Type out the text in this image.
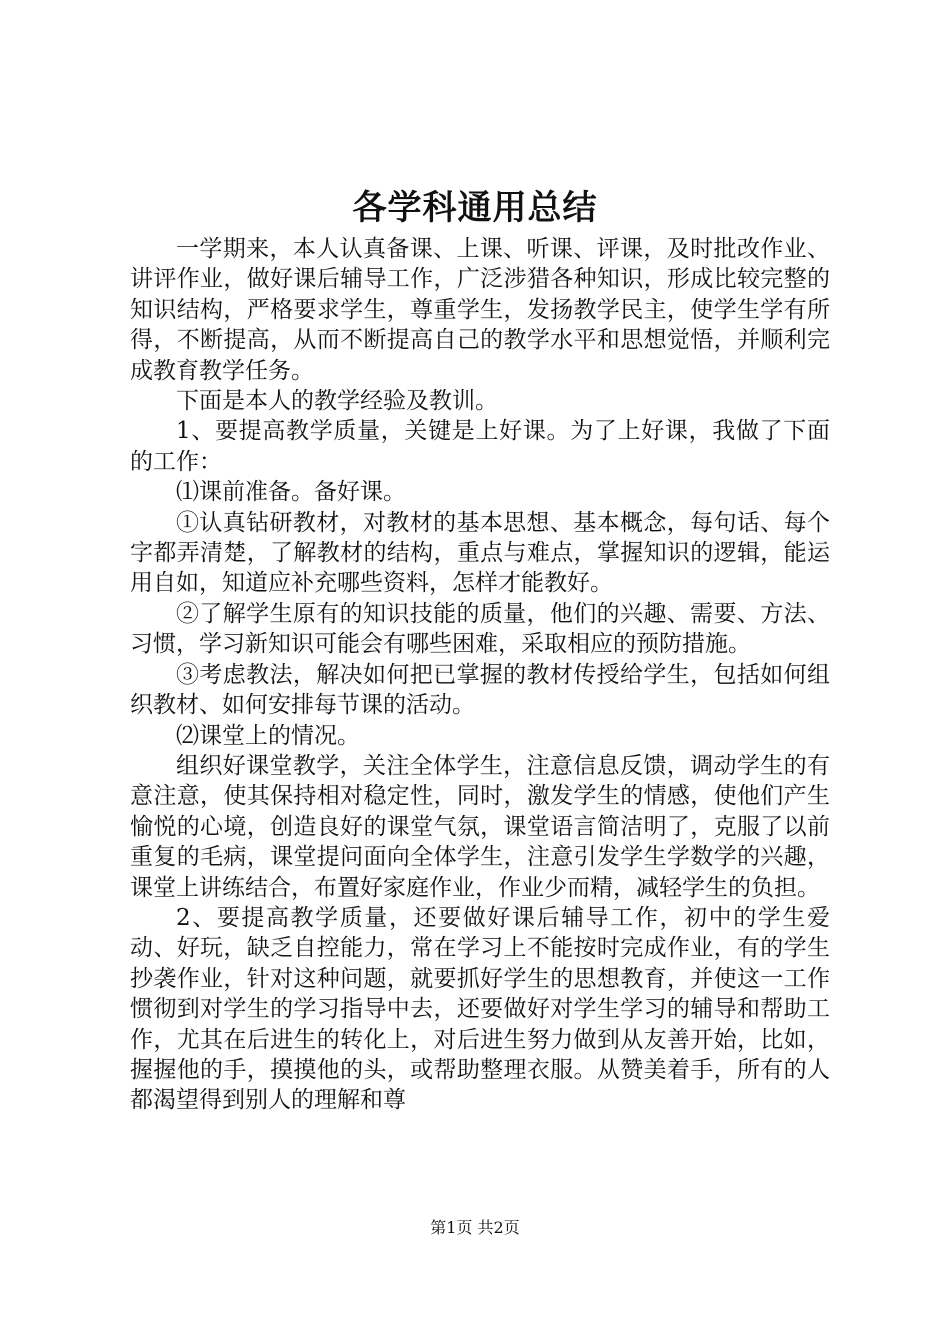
各学科通用总结

一学期来，本人认真备课、上课、听课、评课，及时批改作业、讲评作业，做好课后辅导工作，广泛涉猎各种知识，形成比较完整的知识结构，严格要求学生，尊重学生，发扬教学民主，使学生学有所得，不断提高，从而不断提高自己的教学水平和思想觉悟，并顺利完成教育教学任务。

下面是本人的教学经验及教训。

1、要提高教学质量，关键是上好课。为了上好课，我做了下面的工作：

⑴课前准备。备好课。

①认真钻研教材，对教材的基本思想、基本概念，每句话、每个字都弄清楚，了解教材的结构，重点与难点，掌握知识的逻辑，能运用自如，知道应补充哪些资料，怎样才能教好。

②了解学生原有的知识技能的质量，他们的兴趣、需要、方法、习惯，学习新知识可能会有哪些困难，采取相应的预防措施。

③考虑教法，解决如何把已掌握的教材传授给学生，包括如何组织教材、如何安排每节课的活动。

⑵课堂上的情况。

组织好课堂教学，关注全体学生，注意信息反馈，调动学生的有意注意，使其保持相对稳定性，同时，激发学生的情感，使他们产生愉悦的心境，创造良好的课堂气氛，课堂语言简洁明了，克服了以前重复的毛病，课堂提问面向全体学生，注意引发学生学数学的兴趣，课堂上讲练结合，布置好家庭作业，作业少而精，减轻学生的负担。

2、要提高教学质量，还要做好课后辅导工作，初中的学生爱动、好玩，缺乏自控能力，常在学习上不能按时完成作业，有的学生抄袭作业，针对这种问题，就要抓好学生的思想教育，并使这一工作惯彻到对学生的学习指导中去，还要做好对学生学习的辅导和帮助工作，尤其在后进生的转化上，对后进生努力做到从友善开始，比如，握握他的手，摸摸他的头，或帮助整理衣服。从赞美着手，所有的人都渴望得到别人的理解和尊

第1页 共2页
